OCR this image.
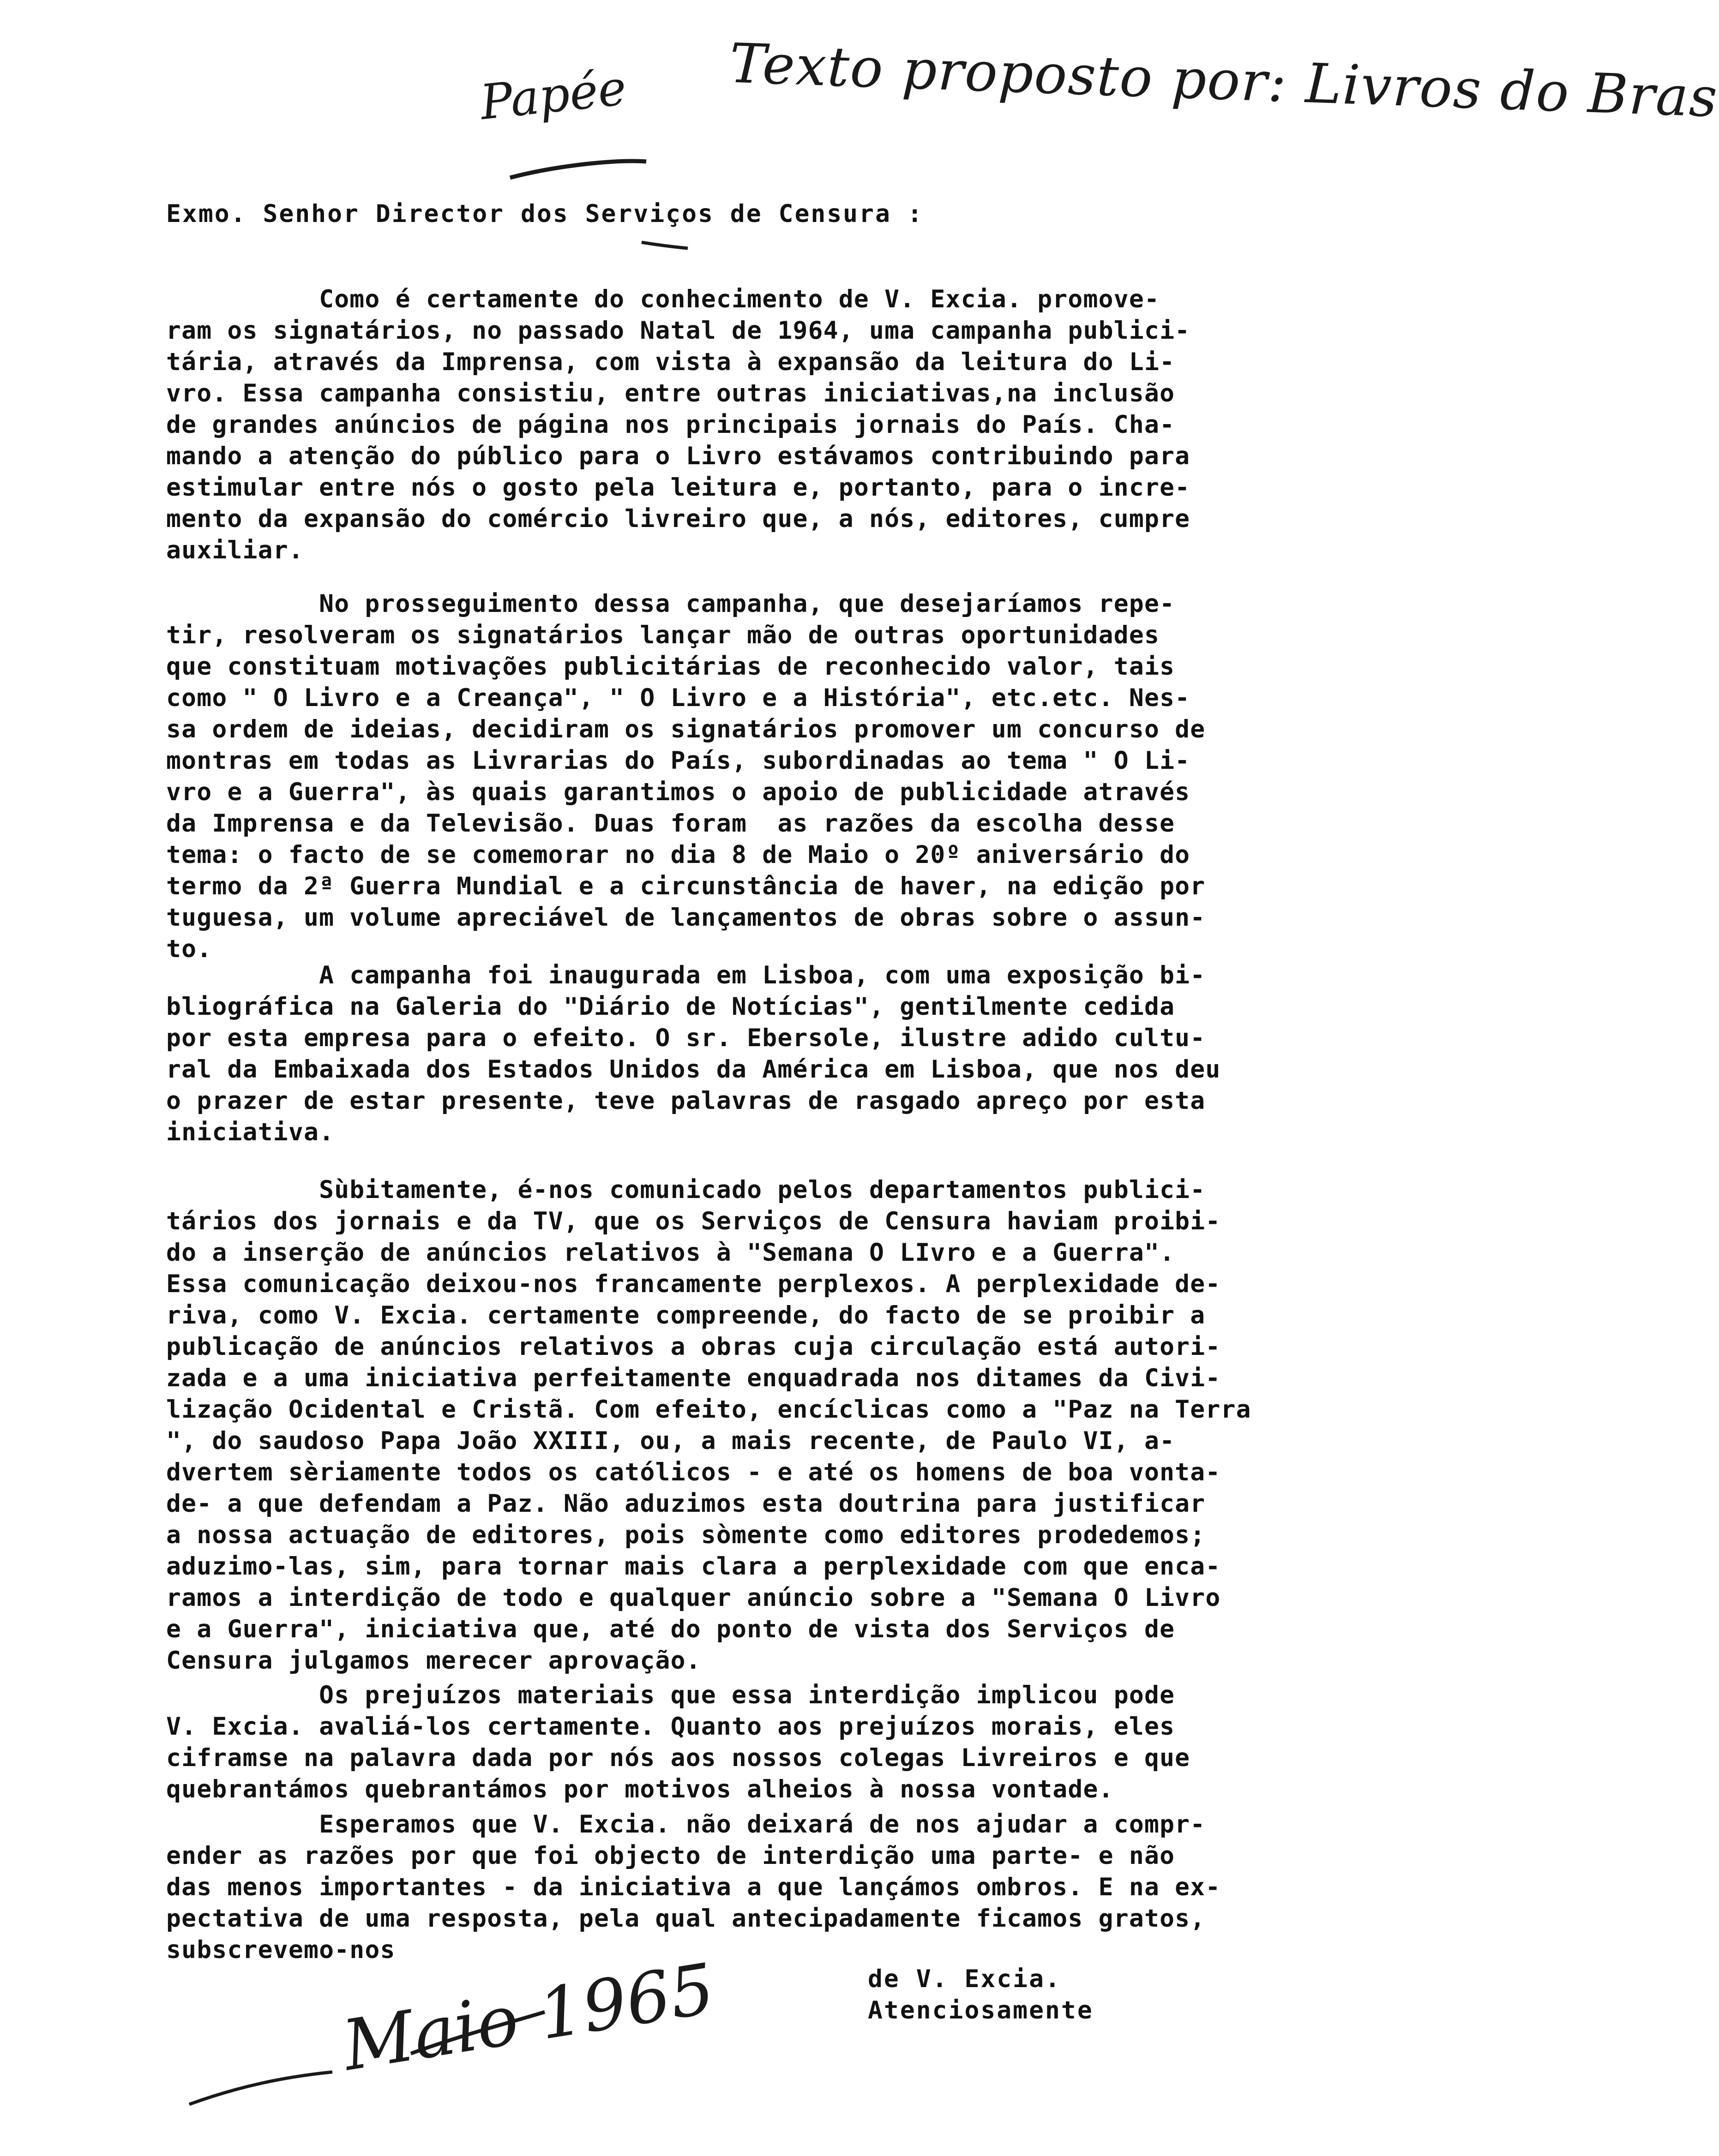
Papée Texto proposto por: Livros do Bras
Exmo. Senhor Director dos Serviços de Censura :
Como é certamente do conhecimento de V. Excia. promove-
ram os signatários, no passado Natal de 1964, uma campanha publici-
tária, através da Imprensa, com vista à expansão da leitura do Li-
vro. Essa campanha consistiu, entre outras iniciativas,na inclusão
de grandes anúncios de página nos principais jornais do País. Cha-
mando a atenção do público para o Livro estávamos contribuindo para
estimular entre nós o gosto pela leitura e, portanto, para o incre-
mento da expansão do comércio livreiro que, a nós, editores, cumpre
auxiliar.
No prosseguimento dessa campanha, que desejaríamos repe-
tir, resolveram os signatários lançar mão de outras oportunidades
que constituam motivações publicitárias de reconhecido valor, tais
como " O Livro e a Creança", " O Livro e a História", etc.etc. Nes-
sa ordem de ideias, decidiram os signatários promover um concurso de
montras em todas as Livrarias do País, subordinadas ao tema " O Li-
vro e a Guerra", às quais garantimos o apoio de publicidade através
da Imprensa e da Televisão. Duas foram  as razões da escolha desse
tema: o facto de se comemorar no dia 8 de Maio o 20º aniversário do
termo da 2ª Guerra Mundial e a circunstância de haver, na edição por
tuguesa, um volume apreciável de lançamentos de obras sobre o assun-
to.
A campanha foi inaugurada em Lisboa, com uma exposição bi-
bliográfica na Galeria do "Diário de Notícias", gentilmente cedida
por esta empresa para o efeito. O sr. Ebersole, ilustre adido cultu-
ral da Embaixada dos Estados Unidos da América em Lisboa, que nos deu
o prazer de estar presente, teve palavras de rasgado apreço por esta
iniciativa.
Sùbitamente, é-nos comunicado pelos departamentos publici-
tários dos jornais e da TV, que os Serviços de Censura haviam proibi-
do a inserção de anúncios relativos à "Semana O LIvro e a Guerra".
Essa comunicação deixou-nos francamente perplexos. A perplexidade de-
riva, como V. Excia. certamente compreende, do facto de se proibir a
publicação de anúncios relativos a obras cuja circulação está autori-
zada e a uma iniciativa perfeitamente enquadrada nos ditames da Civi-
lização Ocidental e Cristã. Com efeito, encíclicas como a "Paz na Terra
", do saudoso Papa João XXIII, ou, a mais recente, de Paulo VI, a-
dvertem sèriamente todos os católicos - e até os homens de boa vonta-
de- a que defendam a Paz. Não aduzimos esta doutrina para justificar
a nossa actuação de editores, pois sòmente como editores prodedemos;
aduzimo-las, sim, para tornar mais clara a perplexidade com que enca-
ramos a interdição de todo e qualquer anúncio sobre a "Semana O Livro
e a Guerra", iniciativa que, até do ponto de vista dos Serviços de
Censura julgamos merecer aprovação.
Os prejuízos materiais que essa interdição implicou pode
V. Excia. avaliá-los certamente. Quanto aos prejuízos morais, eles
ciframse na palavra dada por nós aos nossos colegas Livreiros e que
quebrantámos quebrantámos por motivos alheios à nossa vontade.
Esperamos que V. Excia. não deixará de nos ajudar a compr-
ender as razões por que foi objecto de interdição uma parte- e não
das menos importantes - da iniciativa a que lançámos ombros. E na ex-
pectativa de uma resposta, pela qual antecipadamente ficamos gratos,
subscrevemo-nos
de V. Excia.
Atenciosamente
Maio 1965
